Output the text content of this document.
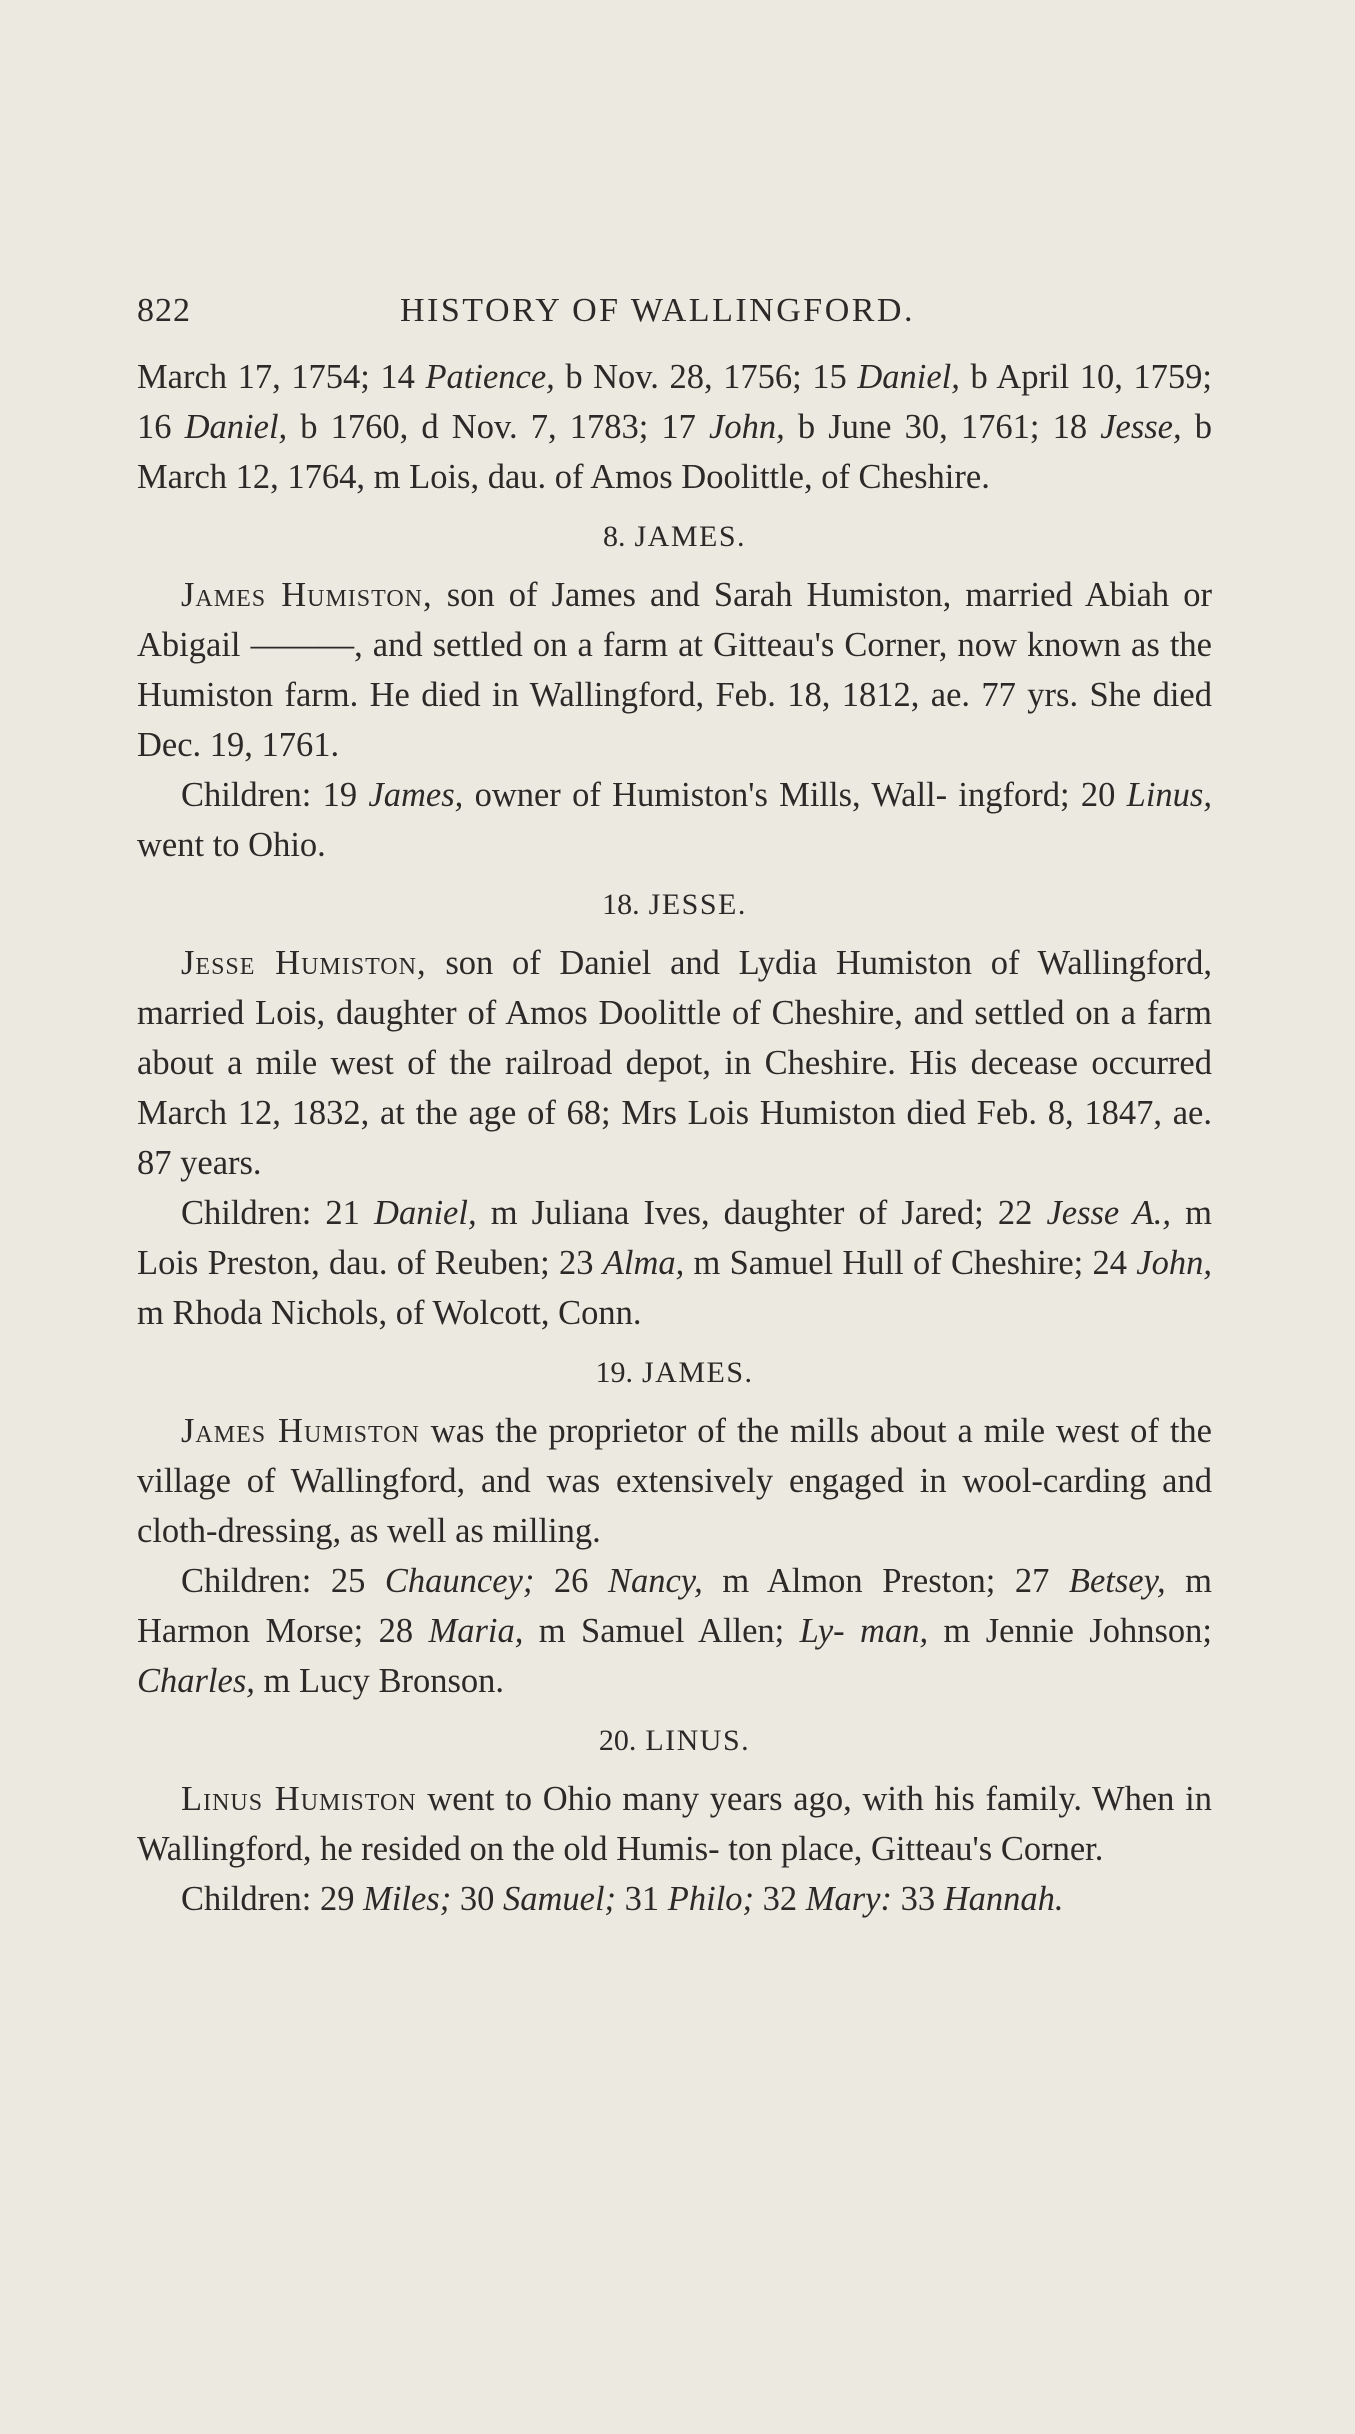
822	HISTORY OF WALLINGFORD.

March 17, 1754; 14 Patience, b Nov. 28, 1756; 15 Daniel, b April 10, 1759; 16 Daniel, b 1760, d Nov. 7, 1783; 17 John, b June 30, 1761; 18 Jesse, b March 12, 1764, m Lois, dau. of Amos Doolittle, of Cheshire.

8. JAMES.

James Humiston, son of James and Sarah Humiston, married Abiah or Abigail ———, and settled on a farm at Gitteau's Corner, now known as the Humiston farm. He died in Wallingford, Feb. 18, 1812, ae. 77 yrs. She died Dec. 19, 1761.

Children: 19 James, owner of Humiston's Mills, Wall- ingford; 20 Linus, went to Ohio.

18. JESSE.

Jesse Humiston, son of Daniel and Lydia Humiston of Wallingford, married Lois, daughter of Amos Doolittle of Cheshire, and settled on a farm about a mile west of the railroad depot, in Cheshire. His decease occurred March 12, 1832, at the age of 68; Mrs Lois Humiston died Feb. 8, 1847, ae. 87 years.

Children: 21 Daniel, m Juliana Ives, daughter of Jared; 22 Jesse A., m Lois Preston, dau. of Reuben; 23 Alma, m Samuel Hull of Cheshire; 24 John, m Rhoda Nichols, of Wolcott, Conn.

19. JAMES.

James Humiston was the proprietor of the mills about a mile west of the village of Wallingford, and was extensively engaged in wool-carding and cloth-dressing, as well as milling.

Children: 25 Chauncey; 26 Nancy, m Almon Preston; 27 Betsey, m Harmon Morse; 28 Maria, m Samuel Allen; Ly- man, m Jennie Johnson; Charles, m Lucy Bronson.

20. LINUS.

Linus Humiston went to Ohio many years ago, with his family. When in Wallingford, he resided on the old Humis- ton place, Gitteau's Corner.

Children: 29 Miles; 30 Samuel; 31 Philo; 32 Mary: 33 Hannah.
